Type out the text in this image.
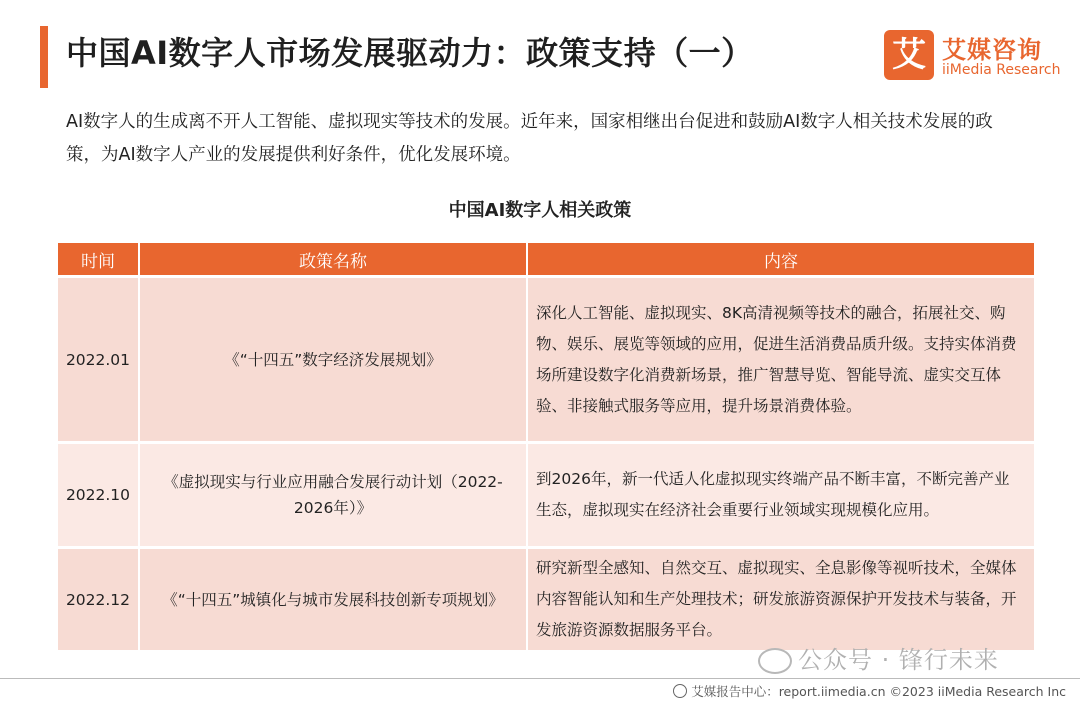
中国AI数字人市场发展驱动力：政策支持（一）	艾 艾媒咨询
iiMedia Research
AI数字人的生成离不开人工智能、虚拟现实等技术的发展。近年来，国家相继出台促进和鼓励AI数字人相关技术发展的政策，为AI数字人产业的发展提供利好条件，优化发展环境。
中国AI数字人相关政策
时间	政策名称	内容
2022.01	《“十四五”数字经济发展规划》	深化人工智能、虚拟现实、8K高清视频等技术的融合，拓展社交、购物、娱乐、展览等领域的应用，促进生活消费品质升级。支持实体消费场所建设数字化消费新场景，推广智慧导览、智能导流、虚实交互体验、非接触式服务等应用，提升场景消费体验。
2022.10	《虚拟现实与行业应用融合发展行动计划（2022-2026年）》	到2026年，新一代适人化虚拟现实终端产品不断丰富，不断完善产业生态，虚拟现实在经济社会重要行业领域实现规模化应用。
2022.12	《“十四五”城镇化与城市发展科技创新专项规划》	研究新型全感知、自然交互、虚拟现实、全息影像等视听技术，全媒体内容智能认知和生产处理技术；研发旅游资源保护开发技术与装备，开发旅游资源数据服务平台。
公众号 · 锋行未来
艾媒报告中心：report.iimedia.cn ©2023 iiMedia Research Inc
